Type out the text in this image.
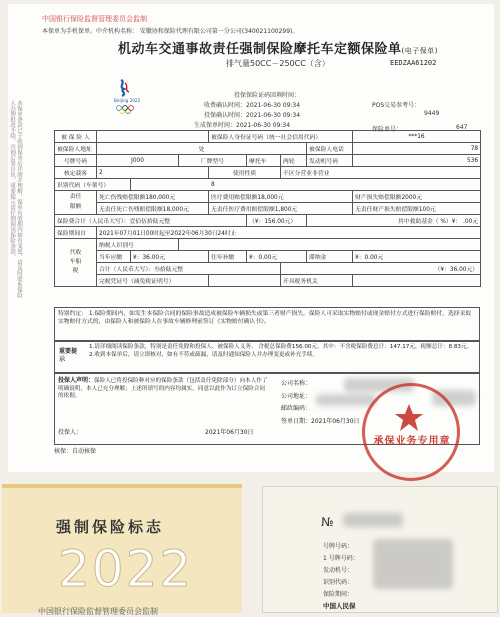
中国银行保险监督管理委员会监制
本保单为手机保单。中介机构名称： 安徽协和保险代理有限公司第一分公司(340021100299)。
机动车交通事故责任强制保险摩托车定额保险单(电子保单)
排气量50CC－250CC（含）	EEDZAA61202
Beijing 2022
投保保险证码回填时间：
收费确认时间：2021-06-30 09:34	POS交易参考号：
投保确认时间：2021-06-30 09:34	9449
生成保单时间：2021-06-30 09:34
保险单号：	647
本保单条款已于收到保单后详阅并理解，保单有效期内如有变更，请及时联系保险人办理批改手续，否则后果自负。重要提示请仔细阅读保险条款。	被 保 险 人				被保险人身份证号码（统一社会信用代码）				***16
被保险人地址	处						被保险人电话	78
号牌号码	J000		厂牌型号		摩托车	两轮	发动机号码	536
核定载客	2			使用性质		不区分营业非营业		
识别代码（车架号）		8						
责任
限额	死亡伤残赔偿限额180,000元			医疗费用赔偿限额18,000元				财产损失赔偿限额2000元
	无责任死亡伤残赔偿限额18,000元			无责任医疗费用赔偿限额1,800元				无责任财产损失赔偿限额100元
保险费合计（人民币大写）：壹佰伍拾陆元整					（¥：156.00元）		其中救助基金（ %）¥： .00元	
保险期间自	2021年07月01日00时起至2022年06月30日24时止							
代收车船税	纳税人识别号							
	当年应缴	¥：36.00元		往年补缴	¥：0.00元		滞纳金	¥：0.00元
	合计（人民币大写）：叁拾陆元整					（¥：36.00元）		
	完税凭证号（减免税证明号）					开具税务机关		
特别约定： 1.保险期间内，如发生本保险合同的保险事故造成被保险车辆损失或第三者财产损失，保险人可采取实物赔付或现金赔付方式进行保险赔付，选择采取实物赔付方式的，由保险人和被保险人在事故车辆修理前签订《实物赔付确认书》。
重要提示
1.请详细阅读保险条款，特别是责任免除和投保人、被保险人义务。 含税总保险费156.00元，其中：不含税保险费总计：147.17元，税额总计：8.83元。 2.收到本保单后，请立即核对，如有不符或疏漏，请及时通知保险人并办理变更或补充手续。
投保人声明：保险人已将投保险种对应的保险条款（包括责任免除部分）向本人作了明确说明，本人已充分理解；上述所填写的内容均属实，同意以此作为订立保险合同的依据。
投保人：	2021年06月30日
公司名称：
公司地址：
邮政编码：
签单日期：2021年06月30日
核保：自动核保
承保业务专用章
强制保险标志
2022
中国银行保险监督管理委员会监制
№
号牌号码：
1 号牌号码：
发动机号：
识别代码：
保险期间：
中国人民保
